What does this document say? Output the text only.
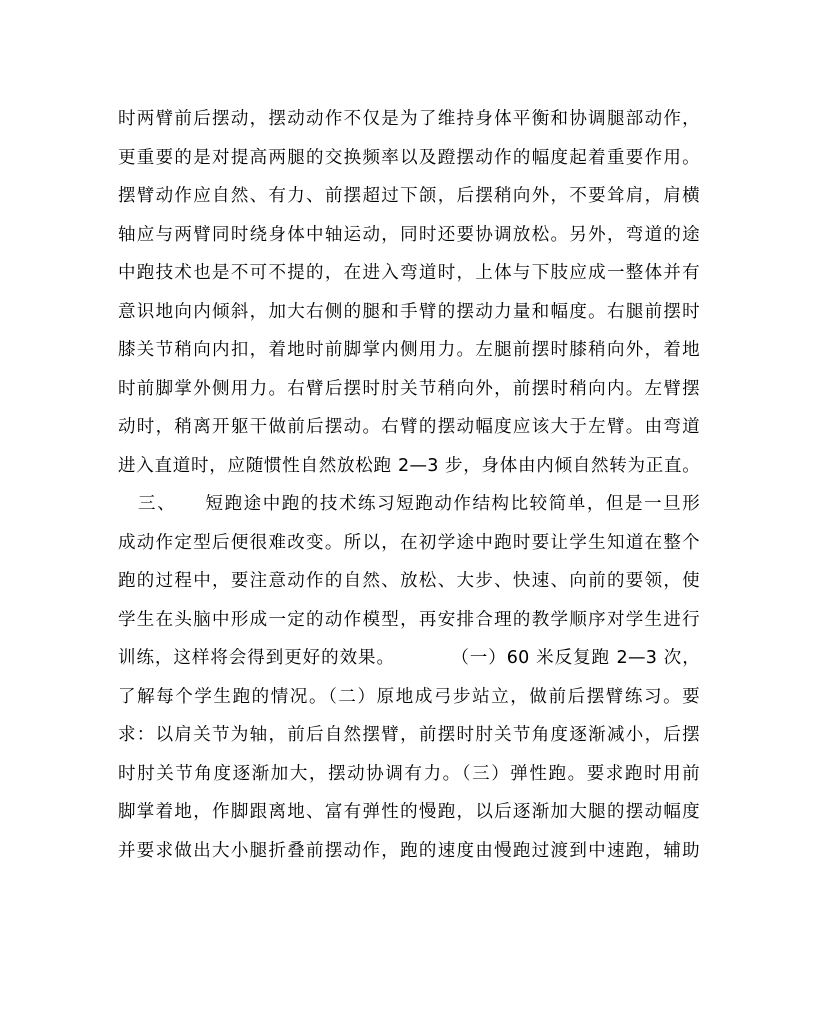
时两臂前后摆动，摆动动作不仅是为了维持身体平衡和协调腿部动作，
更重要的是对提高两腿的交换频率以及蹬摆动作的幅度起着重要作用。
摆臂动作应自然、有力、前摆超过下颌，后摆稍向外，不要耸肩，肩横
轴应与两臂同时绕身体中轴运动，同时还要协调放松。另外，弯道的途
中跑技术也是不可不提的，在进入弯道时，上体与下肢应成一整体并有
意识地向内倾斜，加大右侧的腿和手臂的摆动力量和幅度。右腿前摆时
膝关节稍向内扣，着地时前脚掌内侧用力。左腿前摆时膝稍向外，着地
时前脚掌外侧用力。右臂后摆时肘关节稍向外，前摆时稍向内。左臂摆
动时，稍离开躯干做前后摆动。右臂的摆动幅度应该大于左臂。由弯道
进入直道时，应随惯性自然放松跑 2—3 步，身体由内倾自然转为正直。
三、　　短跑途中跑的技术练习短跑动作结构比较简单，但是一旦形
成动作定型后便很难改变。所以，在初学途中跑时要让学生知道在整个
跑的过程中，要注意动作的自然、放松、大步、快速、向前的要领，使
学生在头脑中形成一定的动作模型，再安排合理的教学顺序对学生进行
训练，这样将会得到更好的效果。　　　　（一）60 米反复跑 2—3 次，
了解每个学生跑的情况。（二）原地成弓步站立，做前后摆臂练习。要
求：以肩关节为轴，前后自然摆臂，前摆时肘关节角度逐渐减小，后摆
时肘关节角度逐渐加大，摆动协调有力。（三）弹性跑。要求跑时用前
脚掌着地，作脚跟离地、富有弹性的慢跑，以后逐渐加大腿的摆动幅度
并要求做出大小腿折叠前摆动作，跑的速度由慢跑过渡到中速跑，辅助
